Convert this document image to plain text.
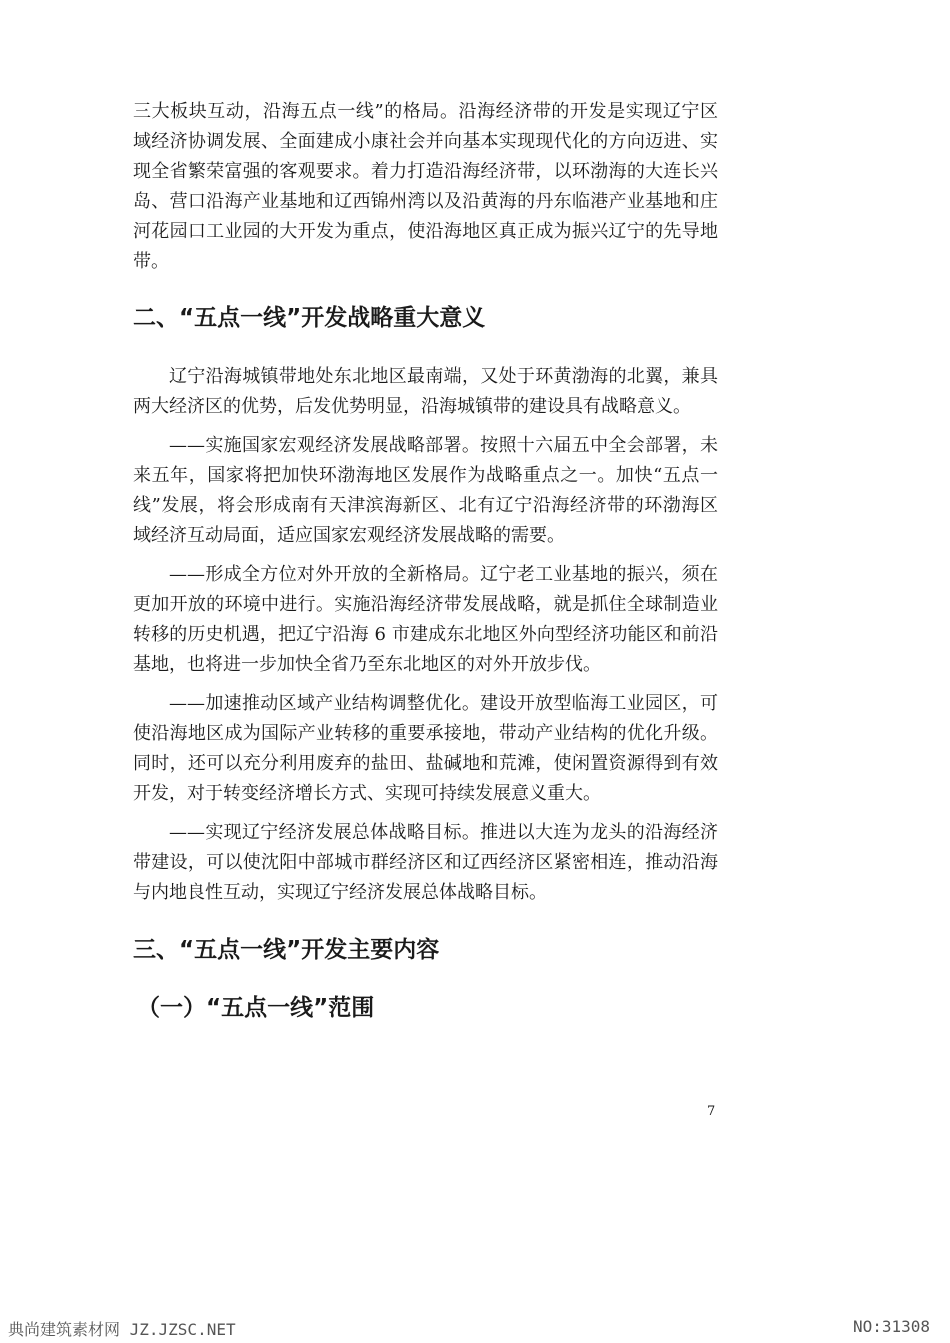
三大板块互动，沿海五点一线”的格局。沿海经济带的开发是实现辽宁区域经济协调发展、全面建成小康社会并向基本实现现代化的方向迈进、实现全省繁荣富强的客观要求。着力打造沿海经济带，以环渤海的大连长兴岛、营口沿海产业基地和辽西锦州湾以及沿黄海的丹东临港产业基地和庄河花园口工业园的大开发为重点，使沿海地区真正成为振兴辽宁的先导地带。

二、“五点一线”开发战略重大意义

辽宁沿海城镇带地处东北地区最南端，又处于环黄渤海的北翼，兼具两大经济区的优势，后发优势明显，沿海城镇带的建设具有战略意义。

——实施国家宏观经济发展战略部署。按照十六届五中全会部署，未来五年，国家将把加快环渤海地区发展作为战略重点之一。加快“五点一线”发展，将会形成南有天津滨海新区、北有辽宁沿海经济带的环渤海区域经济互动局面，适应国家宏观经济发展战略的需要。

——形成全方位对外开放的全新格局。辽宁老工业基地的振兴，须在更加开放的环境中进行。实施沿海经济带发展战略，就是抓住全球制造业转移的历史机遇，把辽宁沿海 6 市建成东北地区外向型经济功能区和前沿基地，也将进一步加快全省乃至东北地区的对外开放步伐。

——加速推动区域产业结构调整优化。建设开放型临海工业园区，可使沿海地区成为国际产业转移的重要承接地，带动产业结构的优化升级。同时，还可以充分利用废弃的盐田、盐碱地和荒滩，使闲置资源得到有效开发，对于转变经济增长方式、实现可持续发展意义重大。

——实现辽宁经济发展总体战略目标。推进以大连为龙头的沿海经济带建设，可以使沈阳中部城市群经济区和辽西经济区紧密相连，推动沿海与内地良性互动，实现辽宁经济发展总体战略目标。

三、“五点一线”开发主要内容
（一）“五点一线”范围
7
典尚建筑素材网 JZ.JZSC.NET	NO:31308
